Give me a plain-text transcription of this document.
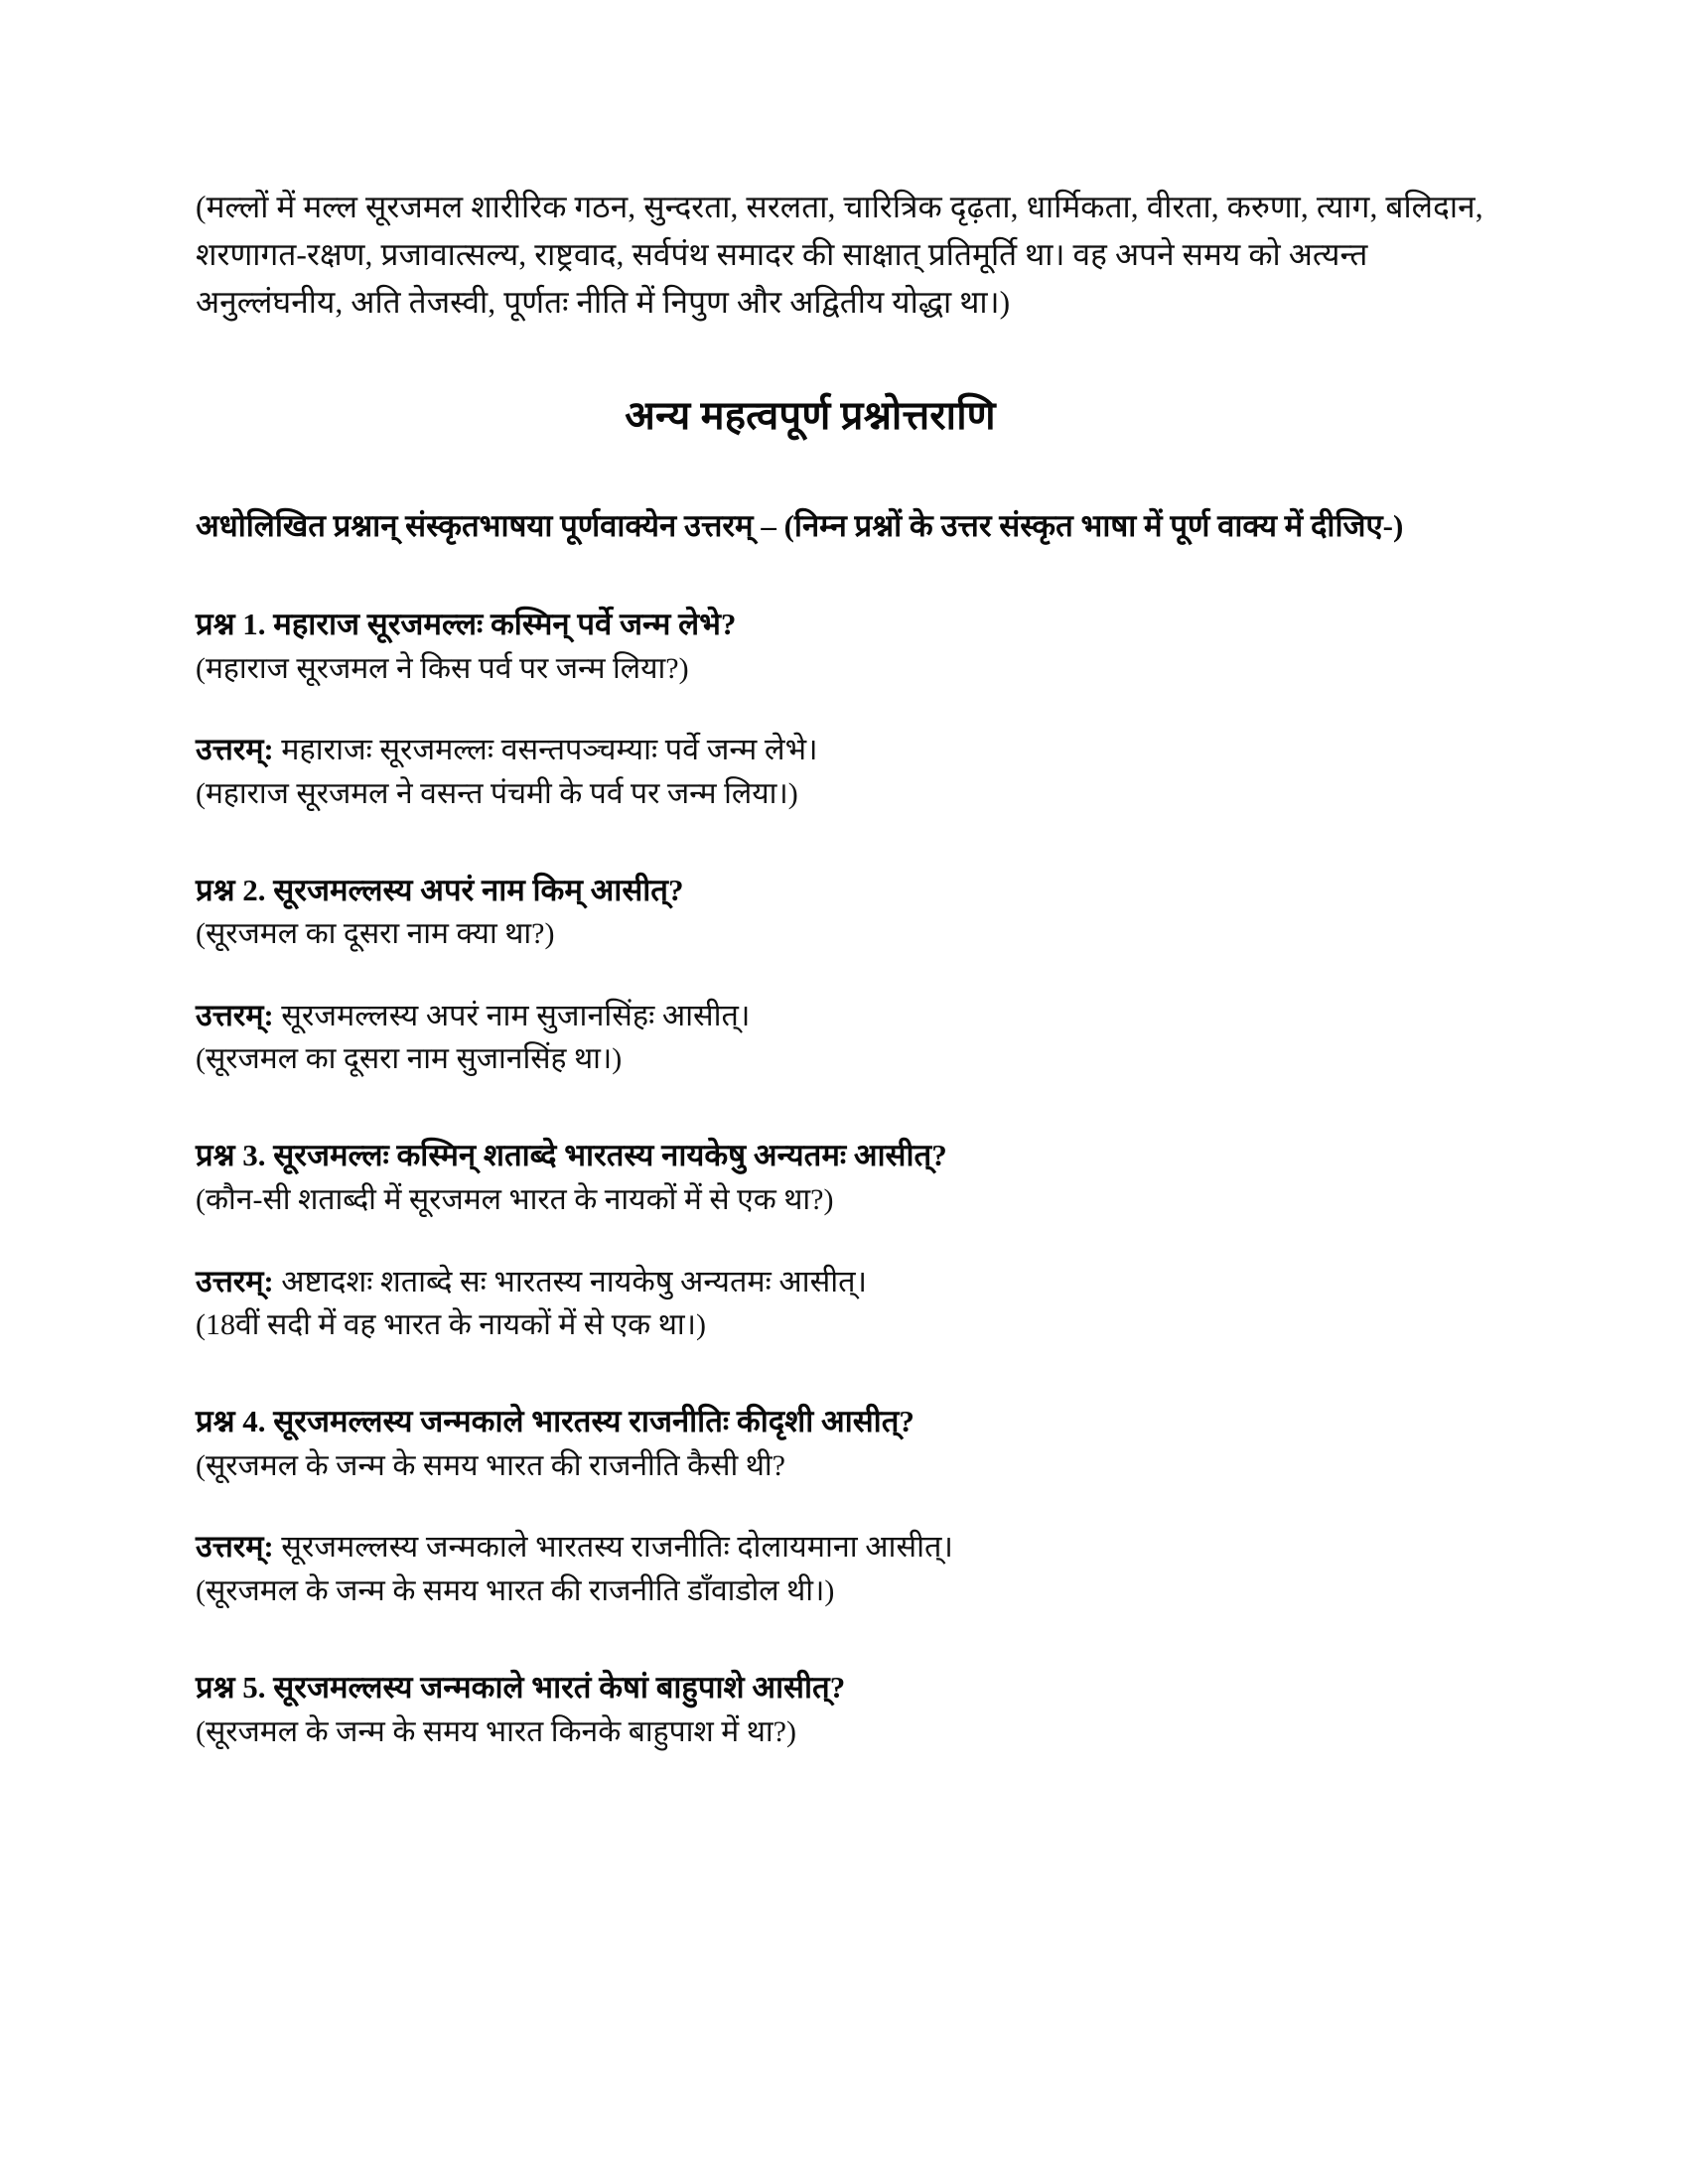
(मल्लों में मल्ल सूरजमल शारीरिक गठन, सुन्दरता, सरलता, चारित्रिक दृढ़ता, धार्मिकता, वीरता, करुणा, त्याग, बलिदान, शरणागत-रक्षण, प्रजावात्सल्य, राष्ट्रवाद, सर्वपंथ समादर की साक्षात् प्रतिमूर्ति था। वह अपने समय को अत्यन्त अनुल्लंघनीय, अति तेजस्वी, पूर्णतः नीति में निपुण और अद्वितीय योद्धा था।)

अन्य महत्वपूर्ण प्रश्नोत्तराणि

अधोलिखित प्रश्नान् संस्कृतभाषया पूर्णवाक्येन उत्तरम् – (निम्न प्रश्नों के उत्तर संस्कृत भाषा में पूर्ण वाक्य में दीजिए-)

प्रश्न 1. महाराज सूरजमल्लः कस्मिन् पर्वे जन्म लेभे?

(महाराज सूरजमल ने किस पर्व पर जन्म लिया?)

उत्तरम्: महाराजः सूरजमल्लः वसन्तपञ्चम्याः पर्वे जन्म लेभे।

(महाराज सूरजमल ने वसन्त पंचमी के पर्व पर जन्म लिया।)

प्रश्न 2. सूरजमल्लस्य अपरं नाम किम् आसीत्?

(सूरजमल का दूसरा नाम क्या था?)

उत्तरम्: सूरजमल्लस्य अपरं नाम सुजानसिंहः आसीत्।

(सूरजमल का दूसरा नाम सुजानसिंह था।)

प्रश्न 3. सूरजमल्लः कस्मिन् शताब्दे भारतस्य नायकेषु अन्यतमः आसीत्?

(कौन-सी शताब्दी में सूरजमल भारत के नायकों में से एक था?)

उत्तरम्: अष्टादशः शताब्दे सः भारतस्य नायकेषु अन्यतमः आसीत्।

(18वीं सदी में वह भारत के नायकों में से एक था।)

प्रश्न 4. सूरजमल्लस्य जन्मकाले भारतस्य राजनीतिः कीदृशी आसीत्?

(सूरजमल के जन्म के समय भारत की राजनीति कैसी थी?

उत्तरम्: सूरजमल्लस्य जन्मकाले भारतस्य राजनीतिः दोलायमाना आसीत्।

(सूरजमल के जन्म के समय भारत की राजनीति डाँवाडोल थी।)

प्रश्न 5. सूरजमल्लस्य जन्मकाले भारतं केषां बाहुपाशे आसीत्?

(सूरजमल के जन्म के समय भारत किनके बाहुपाश में था?)
